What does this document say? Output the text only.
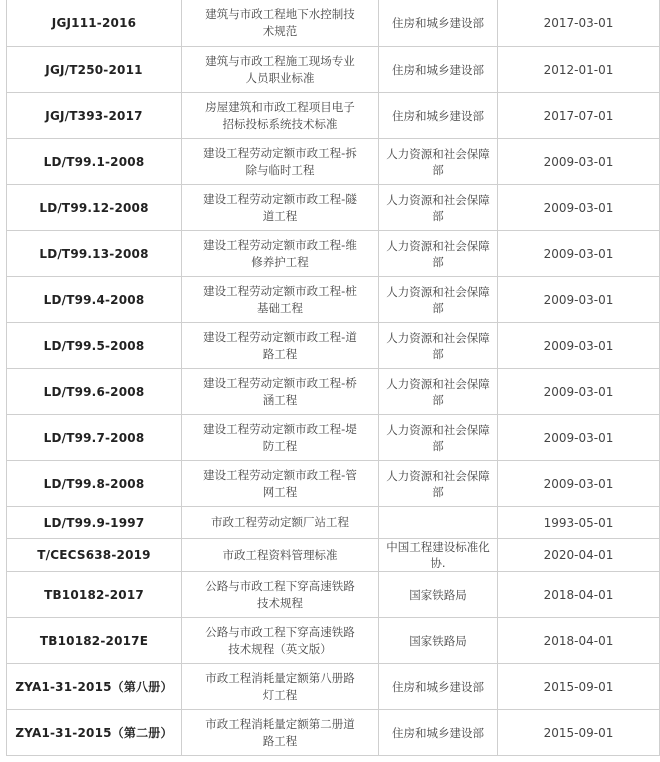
JGJ111-2016	建筑与市政工程地下水控制技术规范	住房和城乡建设部	2017-03-01
JGJ/T250-2011	建筑与市政工程施工现场专业人员职业标准	住房和城乡建设部	2012-01-01
JGJ/T393-2017	房屋建筑和市政工程项目电子招标投标系统技术标准	住房和城乡建设部	2017-07-01
LD/T99.1-2008	建设工程劳动定额市政工程-拆除与临时工程	人力资源和社会保障部	2009-03-01
LD/T99.12-2008	建设工程劳动定额市政工程-隧道工程	人力资源和社会保障部	2009-03-01
LD/T99.13-2008	建设工程劳动定额市政工程-维修养护工程	人力资源和社会保障部	2009-03-01
LD/T99.4-2008	建设工程劳动定额市政工程-桩基础工程	人力资源和社会保障部	2009-03-01
LD/T99.5-2008	建设工程劳动定额市政工程-道路工程	人力资源和社会保障部	2009-03-01
LD/T99.6-2008	建设工程劳动定额市政工程-桥涵工程	人力资源和社会保障部	2009-03-01
LD/T99.7-2008	建设工程劳动定额市政工程-堤防工程	人力资源和社会保障部	2009-03-01
LD/T99.8-2008	建设工程劳动定额市政工程-管网工程	人力资源和社会保障部	2009-03-01
LD/T99.9-1997	市政工程劳动定额厂站工程		1993-05-01
T/CECS638-2019	市政工程资料管理标准	中国工程建设标准化协.	2020-04-01
TB10182-2017	公路与市政工程下穿高速铁路技术规程	国家铁路局	2018-04-01
TB10182-2017E	公路与市政工程下穿高速铁路技术规程（英文版）	国家铁路局	2018-04-01
ZYA1-31-2015（第八册）	市政工程消耗量定额第八册路灯工程	住房和城乡建设部	2015-09-01
ZYA1-31-2015（第二册）	市政工程消耗量定额第二册道路工程	住房和城乡建设部	2015-09-01
